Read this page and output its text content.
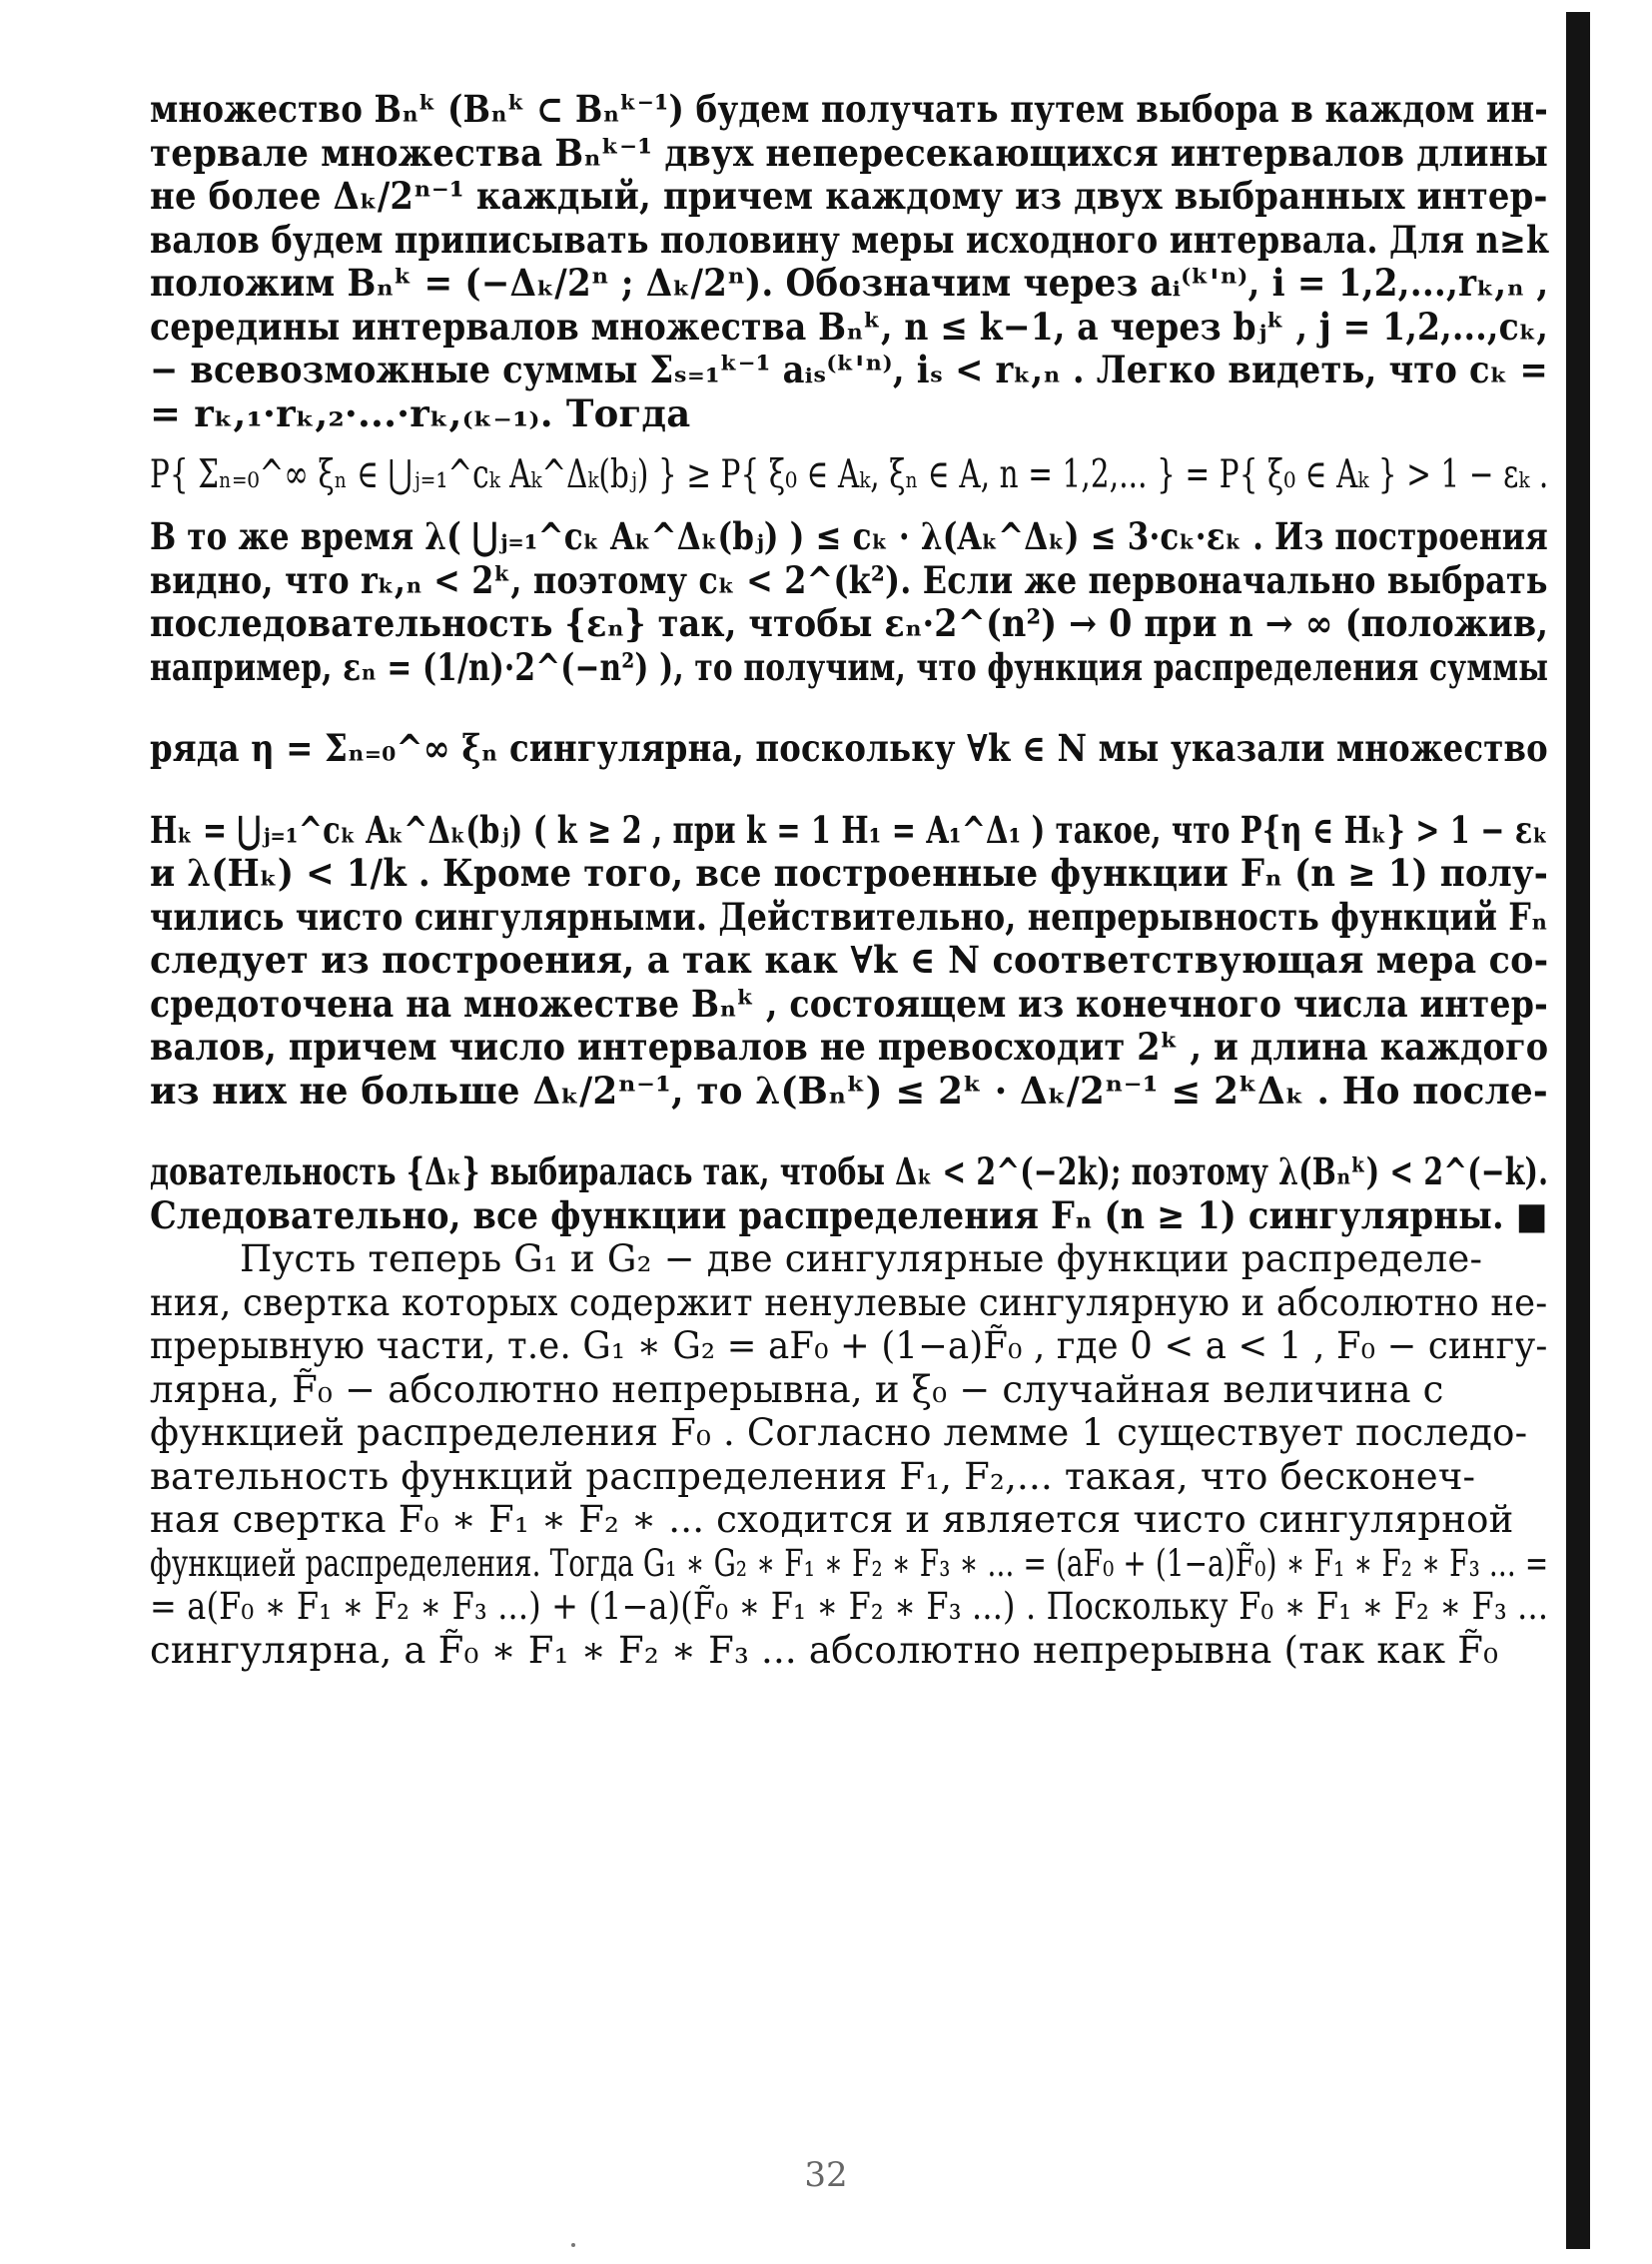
множество Bₙᵏ (Bₙᵏ ⊂ Bₙᵏ⁻¹) будем получать путем выбора в каждом ин-
тервале множества Bₙᵏ⁻¹ двух непересекающихся интервалов длины
не более Δₖ/2ⁿ⁻¹ каждый, причем каждому из двух выбранных интер-
валов будем приписывать половину меры исходного интервала. Для n≥k
положим Bₙᵏ = (−Δₖ/2ⁿ ; Δₖ/2ⁿ). Обозначим через aᵢ⁽ᵏ'ⁿ⁾, i = 1,2,...,rₖ,ₙ ,
середины интервалов множества Bₙᵏ, n ≤ k−1, а через bⱼᵏ , j = 1,2,...,cₖ,
− всевозможные суммы Σₛ₌₁ᵏ⁻¹ aᵢₛ⁽ᵏ'ⁿ⁾, iₛ < rₖ,ₙ . Легко видеть, что cₖ =
= rₖ,₁·rₖ,₂·...·rₖ,₍ₖ₋₁₎. Тогда
P{ Σₙ₌₀^∞ ξₙ ∈ ⋃ⱼ₌₁^cₖ Aₖ^Δₖ(bⱼ) } ≥ P{ ξ₀ ∈ Aₖ, ξₙ ∈ A, n = 1,2,... } = P{ ξ₀ ∈ Aₖ } > 1 − εₖ .
В то же время λ( ⋃ⱼ₌₁^cₖ Aₖ^Δₖ(bⱼ) ) ≤ cₖ · λ(Aₖ^Δₖ) ≤ 3·cₖ·εₖ . Из построения
видно, что rₖ,ₙ < 2ᵏ, поэтому cₖ < 2^(k²). Если же первоначально выбрать
последовательность {εₙ} так, чтобы εₙ·2^(n²) → 0 при n → ∞ (положив,
например, εₙ = (1/n)·2^(−n²) ), то получим, что функция распределения суммы
ряда η = Σₙ₌₀^∞ ξₙ сингулярна, поскольку ∀k ∈ N мы указали множество
Hₖ = ⋃ⱼ₌₁^cₖ Aₖ^Δₖ(bⱼ) ( k ≥ 2 , при k = 1 H₁ = A₁^Δ₁ ) такое, что P{η ∈ Hₖ} > 1 − εₖ
и λ(Hₖ) < 1/k . Кроме того, все построенные функции Fₙ (n ≥ 1) полу-
чились чисто сингулярными. Действительно, непрерывность функций Fₙ
следует из построения, а так как ∀k ∈ N соответствующая мера со-
средоточена на множестве Bₙᵏ , состоящем из конечного числа интер-
валов, причем число интервалов не превосходит 2ᵏ , и длина каждого
из них не больше Δₖ/2ⁿ⁻¹, то λ(Bₙᵏ) ≤ 2ᵏ · Δₖ/2ⁿ⁻¹ ≤ 2ᵏΔₖ . Но после-
довательность {Δₖ} выбиралась так, чтобы Δₖ < 2^(−2k); поэтому λ(Bₙᵏ) < 2^(−k).
Следовательно, все функции распределения Fₙ (n ≥ 1) сингулярны. ■
Пусть теперь G₁ и G₂ − две сингулярные функции распределе-
ния, свертка которых содержит ненулевые сингулярную и абсолютно не-
прерывную части, т.е. G₁ ∗ G₂ = aF₀ + (1−a)F̃₀ , где 0 < a < 1 , F₀ − сингу-
лярна, F̃₀ − абсолютно непрерывна, и ξ₀ − случайная величина с
функцией распределения F₀ . Согласно лемме 1 существует последо-
вательность функций распределения F₁, F₂,... такая, что бесконеч-
ная свертка F₀ ∗ F₁ ∗ F₂ ∗ ... сходится и является чисто сингулярной
функцией распределения. Тогда G₁ ∗ G₂ ∗ F₁ ∗ F₂ ∗ F₃ ∗ ... = (aF₀ + (1−a)F̃₀) ∗ F₁ ∗ F₂ ∗ F₃ ... =
= a(F₀ ∗ F₁ ∗ F₂ ∗ F₃ ...) + (1−a)(F̃₀ ∗ F₁ ∗ F₂ ∗ F₃ ...) . Поскольку F₀ ∗ F₁ ∗ F₂ ∗ F₃ ...
сингулярна, а F̃₀ ∗ F₁ ∗ F₂ ∗ F₃ ... абсолютно непрерывна (так как F̃₀
32
